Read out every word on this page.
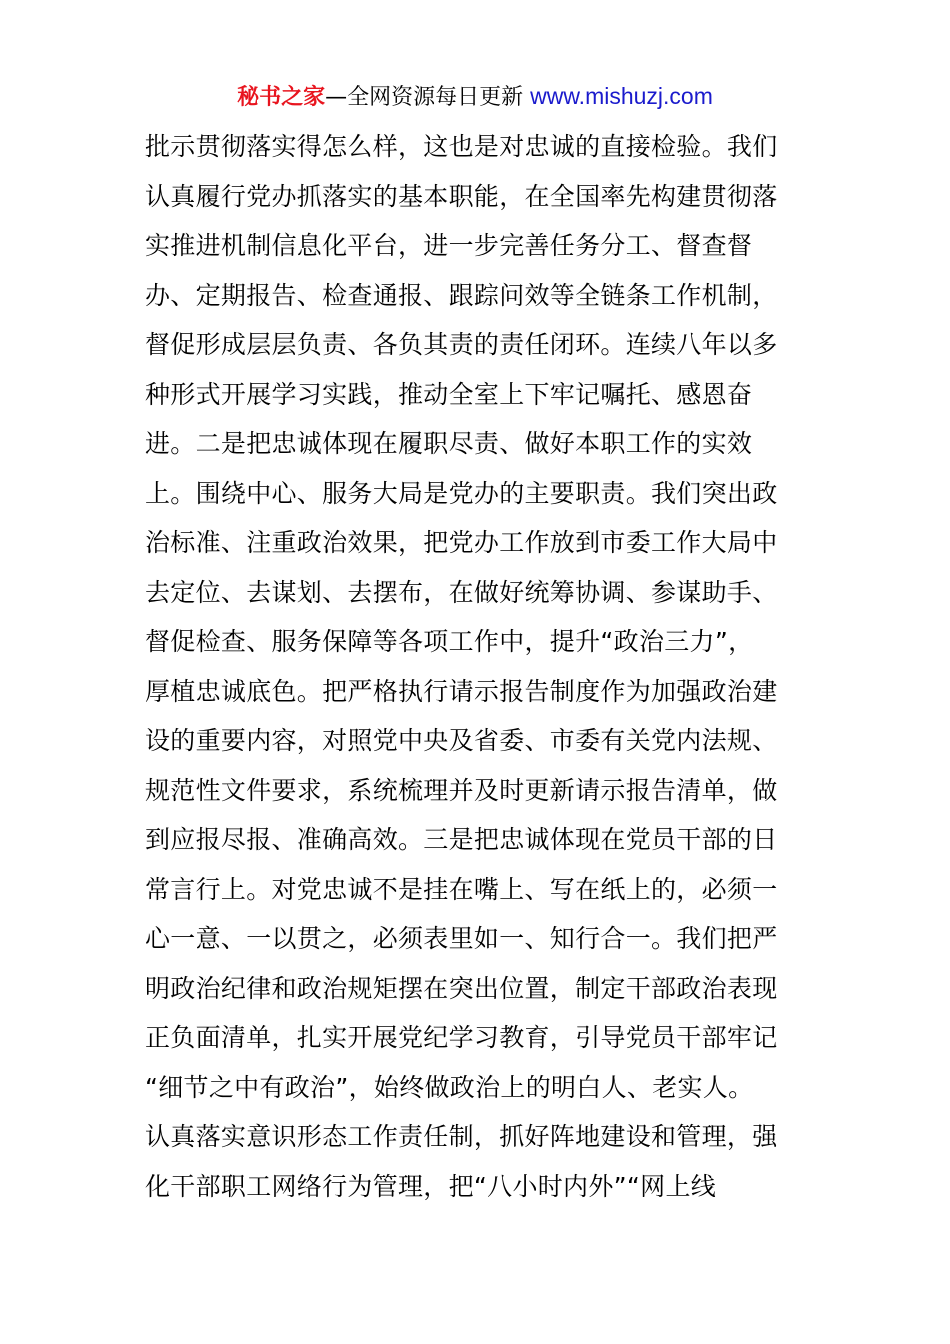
秘书之家—全网资源每日更新 www.mishuzj.com
批示贯彻落实得怎么样，这也是对忠诚的直接检验。我们
认真履行党办抓落实的基本职能，在全国率先构建贯彻落
实推进机制信息化平台，进一步完善任务分工、督查督
办、定期报告、检查通报、跟踪问效等全链条工作机制，
督促形成层层负责、各负其责的责任闭环。连续八年以多
种形式开展学习实践，推动全室上下牢记嘱托、感恩奋
进。二是把忠诚体现在履职尽责、做好本职工作的实效
上。围绕中心、服务大局是党办的主要职责。我们突出政
治标准、注重政治效果，把党办工作放到市委工作大局中
去定位、去谋划、去摆布，在做好统筹协调、参谋助手、
督促检查、服务保障等各项工作中，提升“政治三力”，
厚植忠诚底色。把严格执行请示报告制度作为加强政治建
设的重要内容，对照党中央及省委、市委有关党内法规、
规范性文件要求，系统梳理并及时更新请示报告清单，做
到应报尽报、准确高效。三是把忠诚体现在党员干部的日
常言行上。对党忠诚不是挂在嘴上、写在纸上的，必须一
心一意、一以贯之，必须表里如一、知行合一。我们把严
明政治纪律和政治规矩摆在突出位置，制定干部政治表现
正负面清单，扎实开展党纪学习教育，引导党员干部牢记
“细节之中有政治”，始终做政治上的明白人、老实人。
认真落实意识形态工作责任制，抓好阵地建设和管理，强
化干部职工网络行为管理，把“八小时内外”“网上线
